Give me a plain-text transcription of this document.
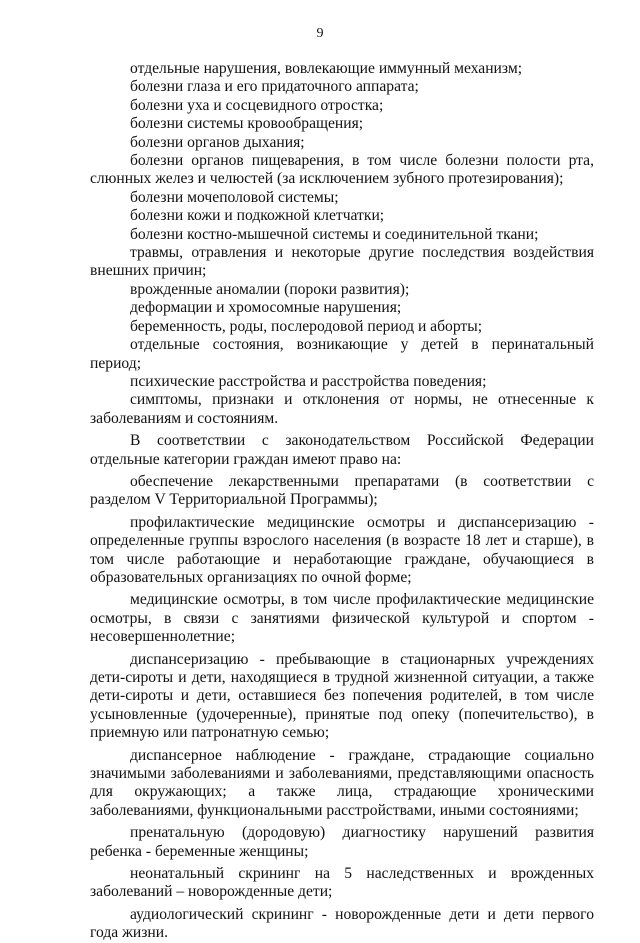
9

отдельные нарушения, вовлекающие иммунный механизм;

болезни глаза и его придаточного аппарата;

болезни уха и сосцевидного отростка;

болезни системы кровообращения;

болезни органов дыхания;

болезни органов пищеварения, в том числе болезни полости рта, слюнных желез и челюстей (за исключением зубного протезирования);

болезни мочеполовой системы;

болезни кожи и подкожной клетчатки;

болезни костно-мышечной системы и соединительной ткани;

травмы, отравления и некоторые другие последствия воздействия внешних причин;

врожденные аномалии (пороки развития);

деформации и хромосомные нарушения;

беременность, роды, послеродовой период и аборты;

отдельные состояния, возникающие у детей в перинатальный период;

психические расстройства и расстройства поведения;

симптомы, признаки и отклонения от нормы, не отнесенные к заболеваниям и состояниям.

В соответствии с законодательством Российской Федерации отдельные категории граждан имеют право на:

обеспечение лекарственными препаратами (в соответствии с разделом V Территориальной Программы);

профилактические медицинские осмотры и диспансеризацию - определенные группы взрослого населения (в возрасте 18 лет и старше), в том числе работающие и неработающие граждане, обучающиеся в образовательных организациях по очной форме;

медицинские осмотры, в том числе профилактические медицинские осмотры, в связи с занятиями физической культурой и спортом - несовершеннолетние;

диспансеризацию - пребывающие в стационарных учреждениях дети-сироты и дети, находящиеся в трудной жизненной ситуации, а также дети-сироты и дети, оставшиеся без попечения родителей, в том числе усыновленные (удочеренные), принятые под опеку (попечительство), в приемную или патронатную семью;

диспансерное наблюдение - граждане, страдающие социально значимыми заболеваниями и заболеваниями, представляющими опасность для окружающих; а также лица, страдающие хроническими заболеваниями, функциональными расстройствами, иными состояниями;

пренатальную (дородовую) диагностику нарушений развития ребенка - беременные женщины;

неонатальный скрининг на 5 наследственных и врожденных заболеваний – новорожденные дети;

аудиологический скрининг - новорожденные дети и дети первого года жизни.
